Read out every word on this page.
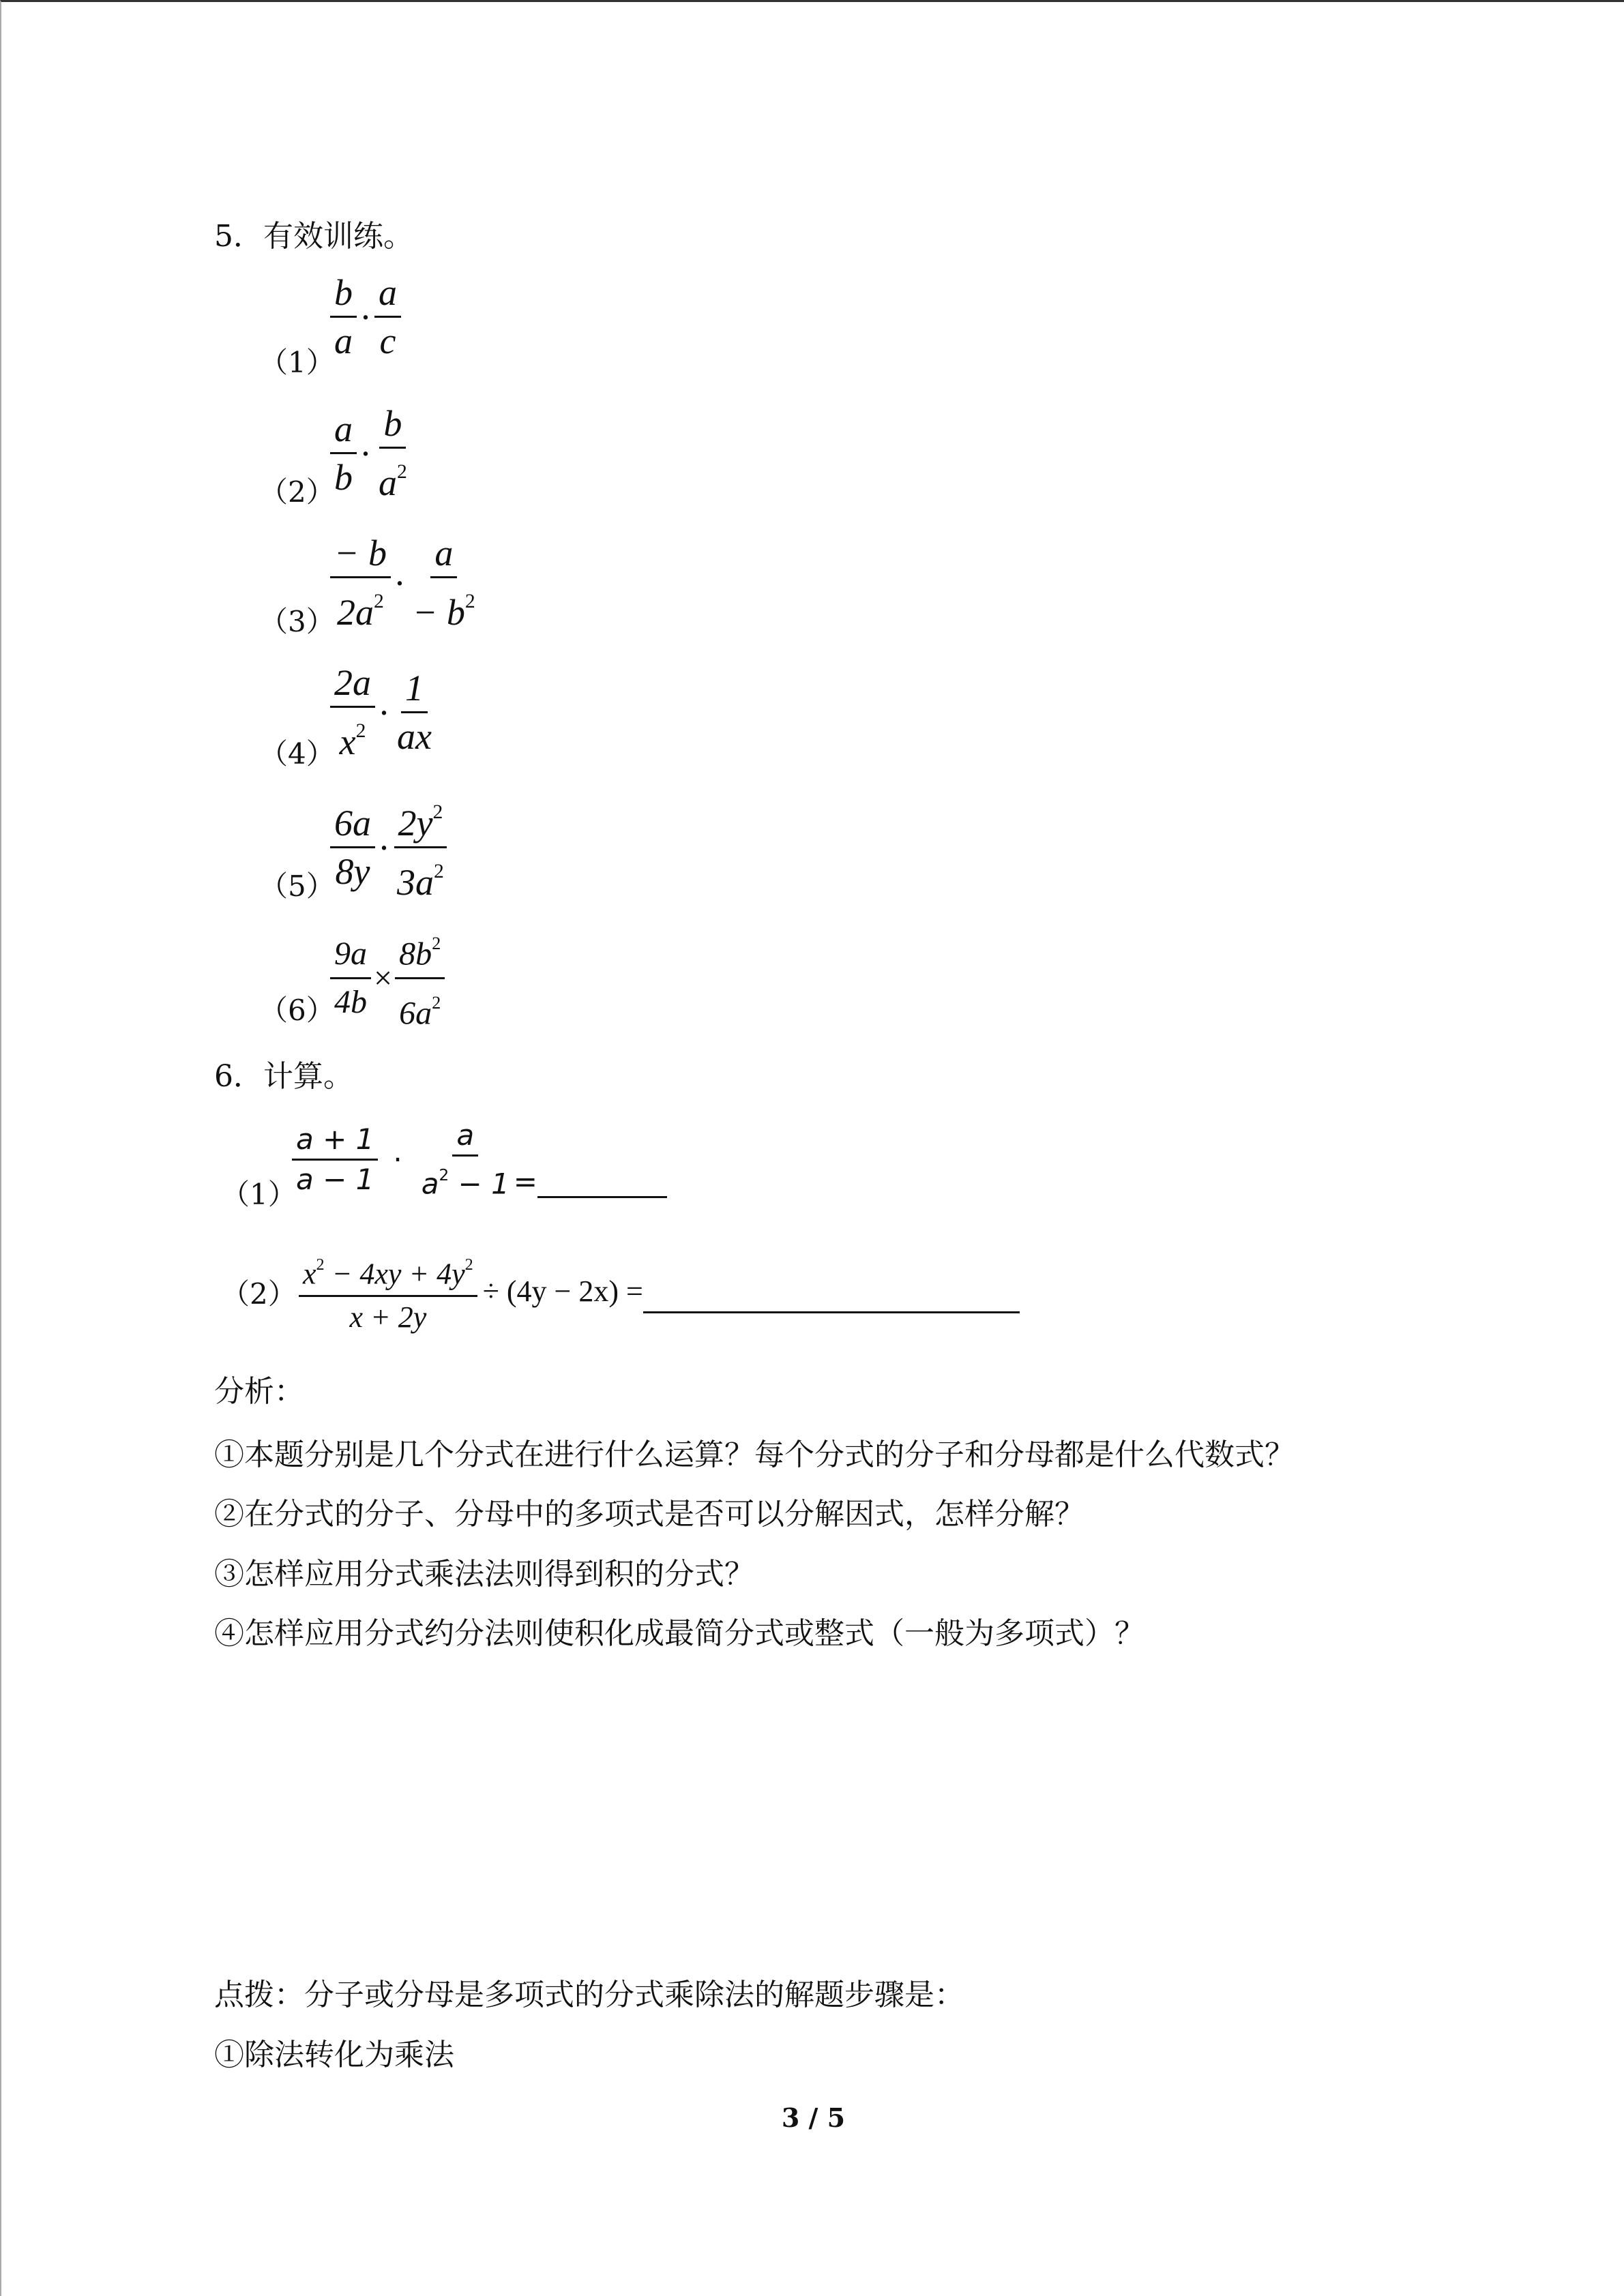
5．有效训练。
（1）
$\frac{b}{a} \cdot \frac{a}{c}$
（2）
$\frac{a}{b} \cdot \frac{b}{a^2}$
（3）
$\frac{- b}{2a^2} \cdot \frac{a}{- b^2}$
（4）
$\frac{2a}{x^2} \cdot \frac{1}{ax}$
（5）
$\frac{6a}{8y} \cdot \frac{2y^2}{3a^2}$
（6）
$\frac{9a}{4b} \times \frac{8b^2}{6a^2}$
6．计算。
（1）
$\frac{a + 1}{a - 1} \cdot \frac{a}{a^2 - 1}$ =
$(2) \frac{x^2 - 4xy + 4y^2}{x + 2y} \div (4y - 2x)$ =
分析：
①本题分别是几个分式在进行什么运算？每个分式的分子和分母都是什么代数式？
②在分式的分子、分母中的多项式是否可以分解因式，怎样分解？
③怎样应用分式乘法法则得到积的分式？
④怎样应用分式约分法则使积化成最简分式或整式（一般为多项式）？
点拨：分子或分母是多项式的分式乘除法的解题步骤是：
①除法转化为乘法
3 / 5
